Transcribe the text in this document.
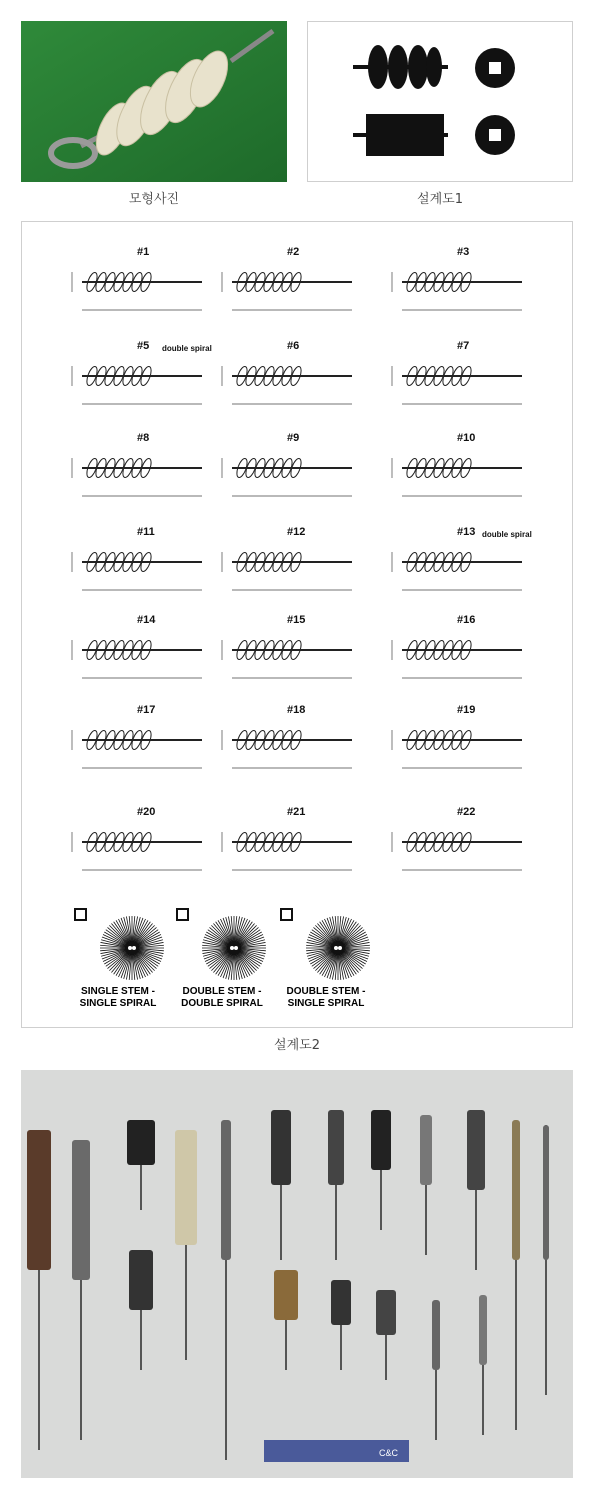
모형사진	설계도1
#1	#2	#3
#5 double spiral	#6	#7
#8	#9	#10
#11	#12	#13 double spiral
#14	#15	#16
#17	#18	#19
#20	#21	#22
SINGLE STEM -
SINGLE SPIRAL
DOUBLE STEM -
DOUBLE SPIRAL
DOUBLE STEM -
SINGLE SPIRAL
설계도2
C&C
